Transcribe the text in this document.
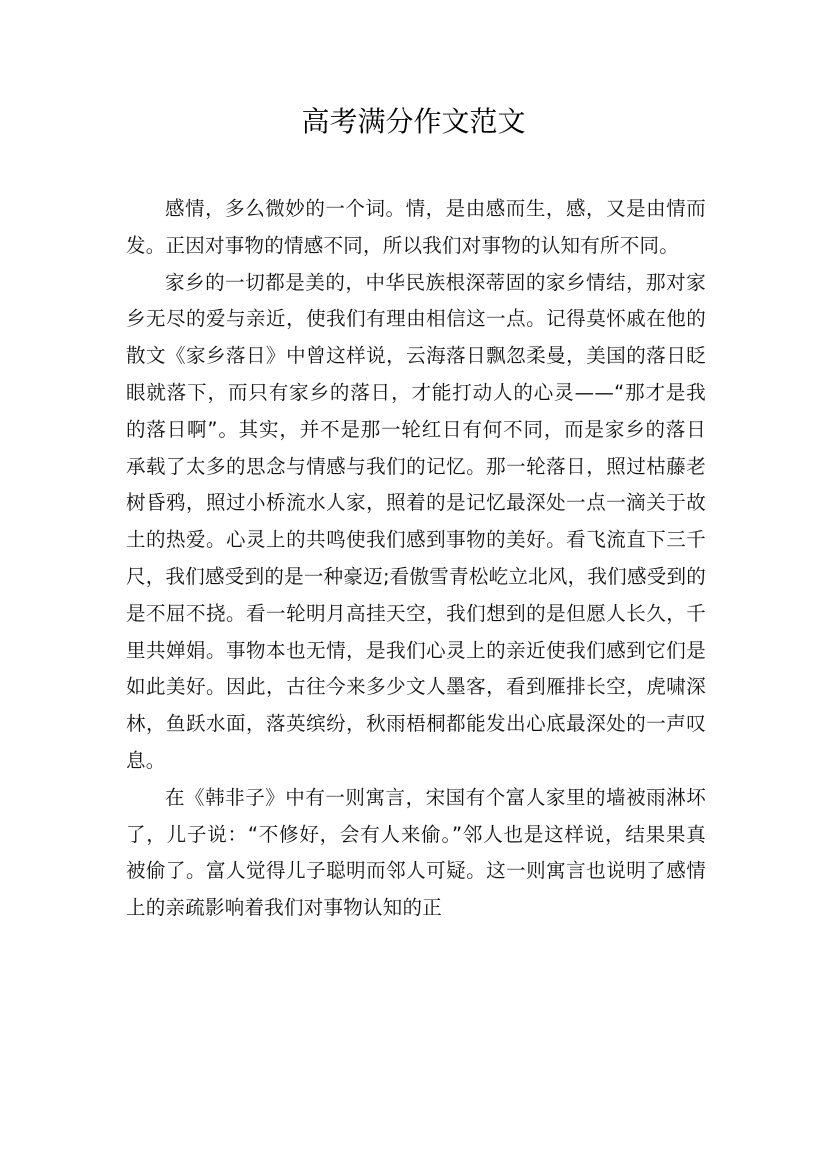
高考满分作文范文

感情，多么微妙的一个词。情，是由感而生，感，又是由情而发。正因对事物的情感不同，所以我们对事物的认知有所不同。

家乡的一切都是美的，中华民族根深蒂固的家乡情结，那对家乡无尽的爱与亲近，使我们有理由相信这一点。记得莫怀戚在他的散文《家乡落日》中曾这样说，云海落日飘忽柔曼，美国的落日眨眼就落下，而只有家乡的落日，才能打动人的心灵——“那才是我的落日啊”。其实，并不是那一轮红日有何不同，而是家乡的落日承载了太多的思念与情感与我们的记忆。那一轮落日，照过枯藤老树昏鸦，照过小桥流水人家，照着的是记忆最深处一点一滴关于故土的热爱。心灵上的共鸣使我们感到事物的美好。看飞流直下三千尺，我们感受到的是一种豪迈;看傲雪青松屹立北风，我们感受到的是不屈不挠。看一轮明月高挂天空，我们想到的是但愿人长久，千里共婵娟。事物本也无情，是我们心灵上的亲近使我们感到它们是如此美好。因此，古往今来多少文人墨客，看到雁排长空，虎啸深林，鱼跃水面，落英缤纷，秋雨梧桐都能发出心底最深处的一声叹息。

在《韩非子》中有一则寓言，宋国有个富人家里的墙被雨淋坏了，儿子说：“不修好，会有人来偷。”邻人也是这样说，结果果真被偷了。富人觉得儿子聪明而邻人可疑。这一则寓言也说明了感情上的亲疏影响着我们对事物认知的正
